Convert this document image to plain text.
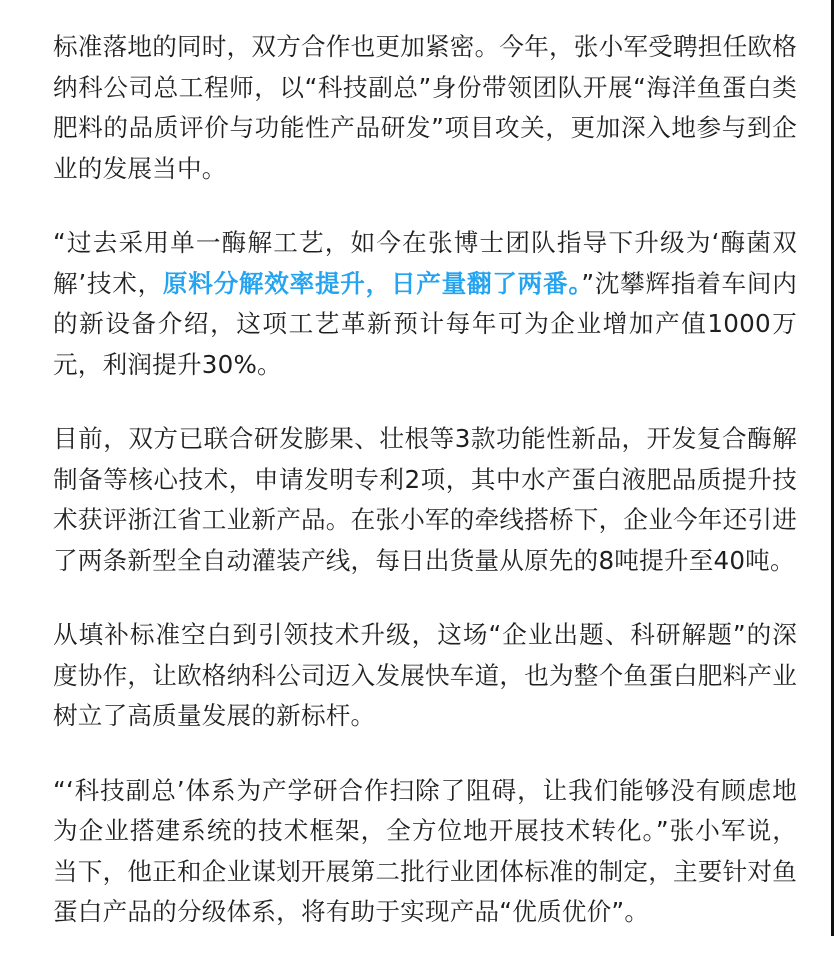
标准落地的同时，双方合作也更加紧密。今年，张小军受聘担任欧格纳科公司总工程师，以“科技副总”身份带领团队开展“海洋鱼蛋白类肥料的品质评价与功能性产品研发”项目攻关，更加深入地参与到企业的发展当中。

“过去采用单一酶解工艺，如今在张博士团队指导下升级为‘酶菌双解’技术，原料分解效率提升，日产量翻了两番。”沈攀辉指着车间内的新设备介绍，这项工艺革新预计每年可为企业增加产值1000万元，利润提升30%。

目前，双方已联合研发膨果、壮根等3款功能性新品，开发复合酶解制备等核心技术，申请发明专利2项，其中水产蛋白液肥品质提升技术获评浙江省工业新产品。在张小军的牵线搭桥下，企业今年还引进了两条新型全自动灌装产线，每日出货量从原先的8吨提升至40吨。

从填补标准空白到引领技术升级，这场“企业出题、科研解题”的深度协作，让欧格纳科公司迈入发展快车道，也为整个鱼蛋白肥料产业树立了高质量发展的新标杆。

“‘科技副总’体系为产学研合作扫除了阻碍，让我们能够没有顾虑地为企业搭建系统的技术框架，全方位地开展技术转化。”张小军说，当下，他正和企业谋划开展第二批行业团体标准的制定，主要针对鱼蛋白产品的分级体系，将有助于实现产品“优质优价”。
